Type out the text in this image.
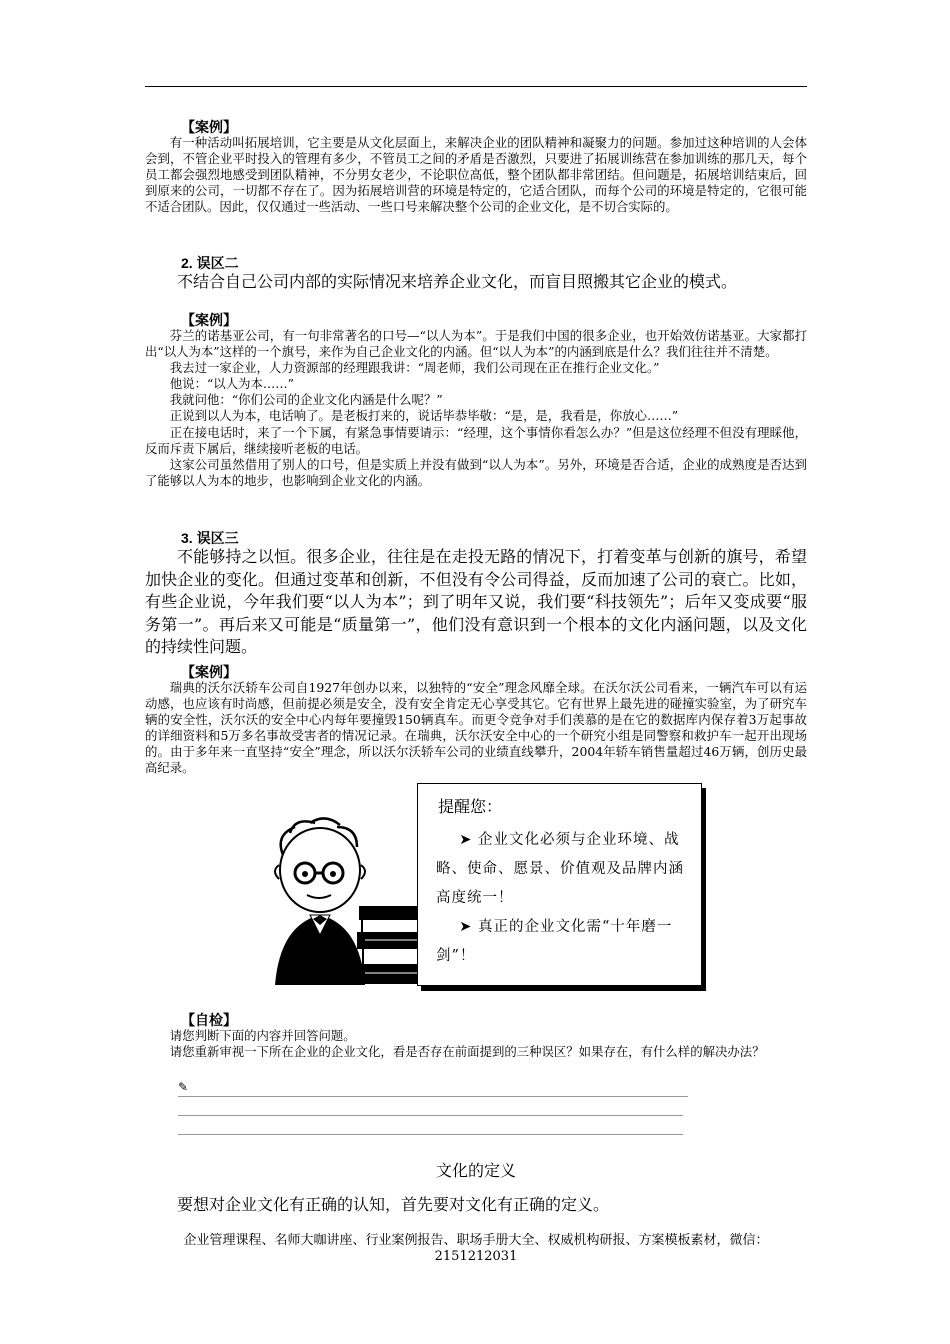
【案例】

有一种活动叫拓展培训，它主要是从文化层面上，来解决企业的团队精神和凝聚力的问题。参加过这种培训的人会体会到，不管企业平时投入的管理有多少，不管员工之间的矛盾是否激烈，只要进了拓展训练营在参加训练的那几天，每个员工都会强烈地感受到团队精神，不分男女老少，不论职位高低，整个团队都非常团结。但问题是，拓展培训结束后，回到原来的公司，一切都不存在了。因为拓展培训营的环境是特定的，它适合团队，而每个公司的环境是特定的，它很可能不适合团队。因此，仅仅通过一些活动、一些口号来解决整个公司的企业文化，是不切合实际的。

2. 误区二

不结合自己公司内部的实际情况来培养企业文化，而盲目照搬其它企业的模式。

【案例】

芬兰的诺基亚公司，有一句非常著名的口号—“以人为本”。于是我们中国的很多企业，也开始效仿诺基亚。大家都打出“以人为本”这样的一个旗号，来作为自己企业文化的内涵。但“以人为本”的内涵到底是什么？我们往往并不清楚。

我去过一家企业，人力资源部的经理跟我讲：“周老师，我们公司现在正在推行企业文化。”

他说：“以人为本……”

我就问他：“你们公司的企业文化内涵是什么呢？”

正说到以人为本，电话响了。是老板打来的，说话毕恭毕敬：“是，是，我看是，你放心……”

正在接电话时，来了一个下属，有紧急事情要请示：“经理，这个事情你看怎么办？”但是这位经理不但没有理睬他，反而斥责下属后，继续接听老板的电话。

这家公司虽然借用了别人的口号，但是实质上并没有做到“以人为本”。另外，环境是否合适，企业的成熟度是否达到了能够以人为本的地步，也影响到企业文化的内涵。

3. 误区三

不能够持之以恒。很多企业，往往是在走投无路的情况下，打着变革与创新的旗号，希望加快企业的变化。但通过变革和创新，不但没有令公司得益，反而加速了公司的衰亡。比如，有些企业说，今年我们要“以人为本”；到了明年又说，我们要“科技领先”；后年又变成要“服务第一”。再后来又可能是“质量第一”，他们没有意识到一个根本的文化内涵问题，以及文化的持续性问题。

【案例】

瑞典的沃尔沃轿车公司自1927年创办以来，以独特的“安全”理念风靡全球。在沃尔沃公司看来，一辆汽车可以有运动感，也应该有时尚感，但前提必须是安全，没有安全肯定无心享受其它。它有世界上最先进的碰撞实验室，为了研究车辆的安全性，沃尔沃的安全中心内每年要撞毁150辆真车。而更令竞争对手们羡慕的是在它的数据库内保存着3万起事故的详细资料和5万多名事故受害者的情况记录。在瑞典，沃尔沃安全中心的一个研究小组是同警察和救护车一起开出现场的。由于多年来一直坚持“安全”理念，所以沃尔沃轿车公司的业绩直线攀升，2004年轿车销售量超过46万辆，创历史最高纪录。

提醒您：
➤ 企业文化必须与企业环境、战略、使命、愿景、价值观及品牌内涵高度统一！
➤ 真正的企业文化需“十年磨一剑”！
【自检】

请您判断下面的内容并回答问题。

请您重新审视一下所在企业的企业文化，看是否存在前面提到的三种误区？如果存在，有什么样的解决办法？

✎
文化的定义

要想对企业文化有正确的认知，首先要对文化有正确的定义。

企业管理课程、名师大咖讲座、行业案例报告、职场手册大全、权威机构研报、方案模板素材，微信：
2151212031
